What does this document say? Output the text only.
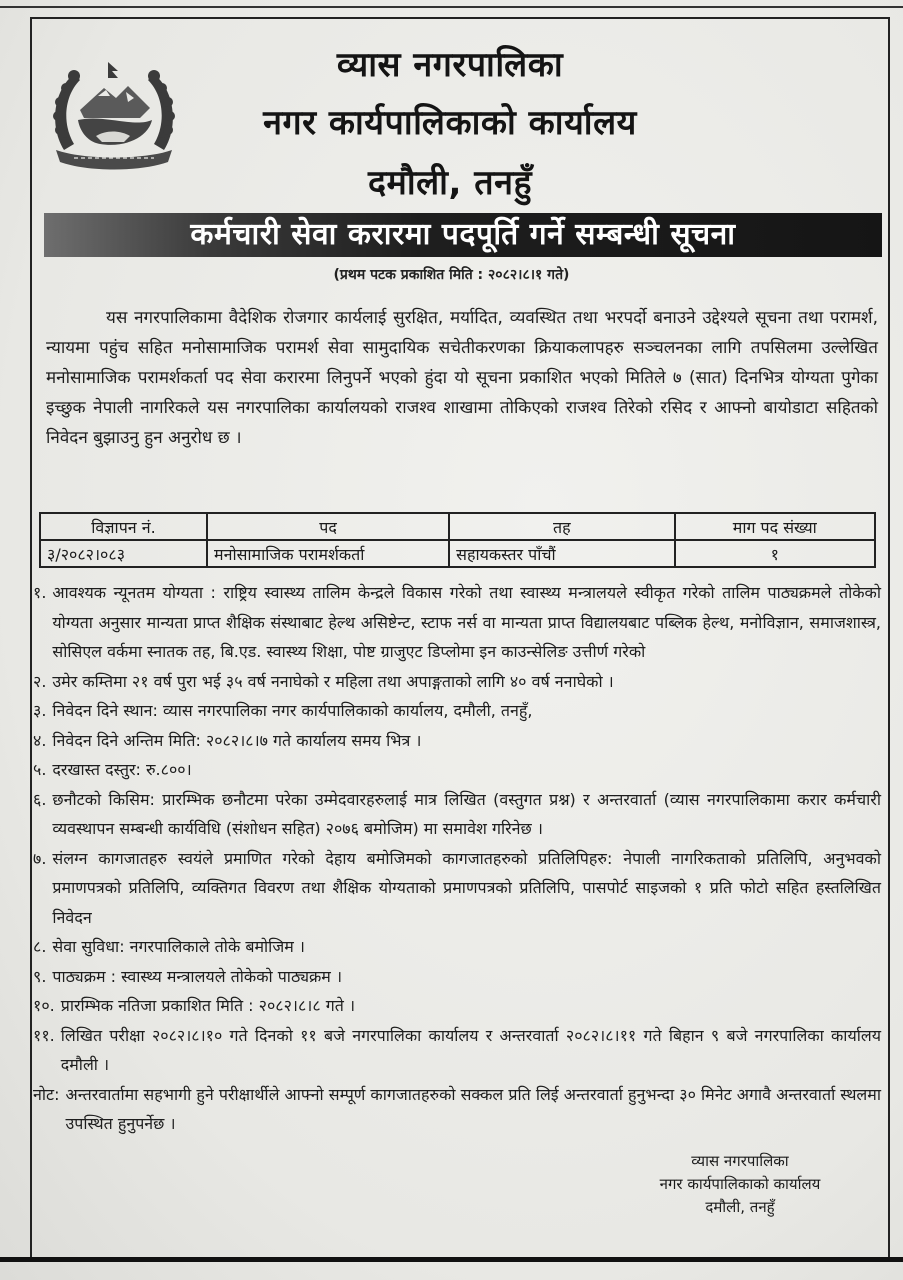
व्यास नगरपालिका
नगर कार्यपालिकाको कार्यालय
दमौली, तनहुँ
कर्मचारी सेवा करारमा पदपूर्ति गर्ने सम्बन्धी सूचना
(प्रथम पटक प्रकाशित मिति : २०८२।८।१ गते)
यस नगरपालिकामा वैदेशिक रोजगार कार्यलाई सुरक्षित, मर्यादित, व्यवस्थित तथा भरपर्दो बनाउने उद्देश्यले सूचना तथा परामर्श, न्यायमा पहुंच सहित मनोसामाजिक परामर्श सेवा सामुदायिक सचेतीकरणका क्रियाकलापहरु सञ्चलनका लागि तपसिलमा उल्लेखित मनोसामाजिक परामर्शकर्ता पद सेवा करारमा लिनुपर्ने भएको हुंदा यो सूचना प्रकाशित भएको मितिले ७ (सात) दिनभित्र योग्यता पुगेका इच्छुक नेपाली नागरिकले यस नगरपालिका कार्यालयको राजश्व शाखामा तोकिएको राजश्व तिरेको रसिद र आफ्नो बायोडाटा सहितको निवेदन बुझाउनु हुन अनुरोध छ ।
विज्ञापन नं.	पद	तह	माग पद संख्या
३/२०८२।०८३	मनोसामाजिक परामर्शकर्ता	सहायकस्तर पाँचौं	१
१. आवश्यक न्यूनतम योग्यता : राष्ट्रिय स्वास्थ्य तालिम केन्द्रले विकास गरेको तथा स्वास्थ्य मन्त्रालयले स्वीकृत गरेको तालिम पाठ्यक्रमले तोकेको योग्यता अनुसार मान्यता प्राप्त शैक्षिक संस्थाबाट हेल्थ असिष्टेन्ट, स्टाफ नर्स वा मान्यता प्राप्त विद्यालयबाट पब्लिक हेल्थ, मनोविज्ञान, समाजशास्त्र, सोसिएल वर्कमा स्नातक तह, बि.एड. स्वास्थ्य शिक्षा, पोष्ट ग्राजुएट डिप्लोमा इन काउन्सेलिङ उत्तीर्ण गरेको
२. उमेर कम्तिमा २१ वर्ष पुरा भई ३५ वर्ष ननाघेको र महिला तथा अपाङ्गताको लागि ४० वर्ष ननाघेको ।
३. निवेदन दिने स्थान: व्यास नगरपालिका नगर कार्यपालिकाको कार्यालय, दमौली, तनहुँ,
४. निवेदन दिने अन्तिम मिति: २०८२।८।७ गते कार्यालय समय भित्र ।
५. दरखास्त दस्तुर: रु.८००।
६. छनौटको किसिम: प्रारम्भिक छनौटमा परेका उम्मेदवारहरुलाई मात्र लिखित (वस्तुगत प्रश्न) र अन्तरवार्ता (व्यास नगरपालिकामा करार कर्मचारी व्यवस्थापन सम्बन्धी कार्यविधि (संशोधन सहित) २०७६ बमोजिम) मा समावेश गरिनेछ ।
७. संलग्न कागजातहरु स्वयंले प्रमाणित गरेको देहाय बमोजिमको कागजातहरुको प्रतिलिपिहरु: नेपाली नागरिकताको प्रतिलिपि, अनुभवको प्रमाणपत्रको प्रतिलिपि, व्यक्तिगत विवरण तथा शैक्षिक योग्यताको प्रमाणपत्रको प्रतिलिपि, पासपोर्ट साइजको १ प्रति फोटो सहित हस्तलिखित निवेदन
८. सेवा सुविधा: नगरपालिकाले तोके बमोजिम ।
९. पाठ्यक्रम : स्वास्थ्य मन्त्रालयले तोकेको पाठ्यक्रम ।
१०. प्रारम्भिक नतिजा प्रकाशित मिति : २०८२।८।८ गते ।
११. लिखित परीक्षा २०८२।८।१० गते दिनको ११ बजे नगरपालिका कार्यालय र अन्तरवार्ता २०८२।८।११ गते बिहान ९ बजे नगरपालिका कार्यालय दमौली ।
नोट: अन्तरवार्तामा सहभागी हुने परीक्षार्थीले आफ्नो सम्पूर्ण कागजातहरुको सक्कल प्रति लिई अन्तरवार्ता हुनुभन्दा ३० मिनेट अगावै अन्तरवार्ता स्थलमा उपस्थित हुनुपर्नेछ ।
व्यास नगरपालिका
नगर कार्यपालिकाको कार्यालय
दमौली, तनहुँ
